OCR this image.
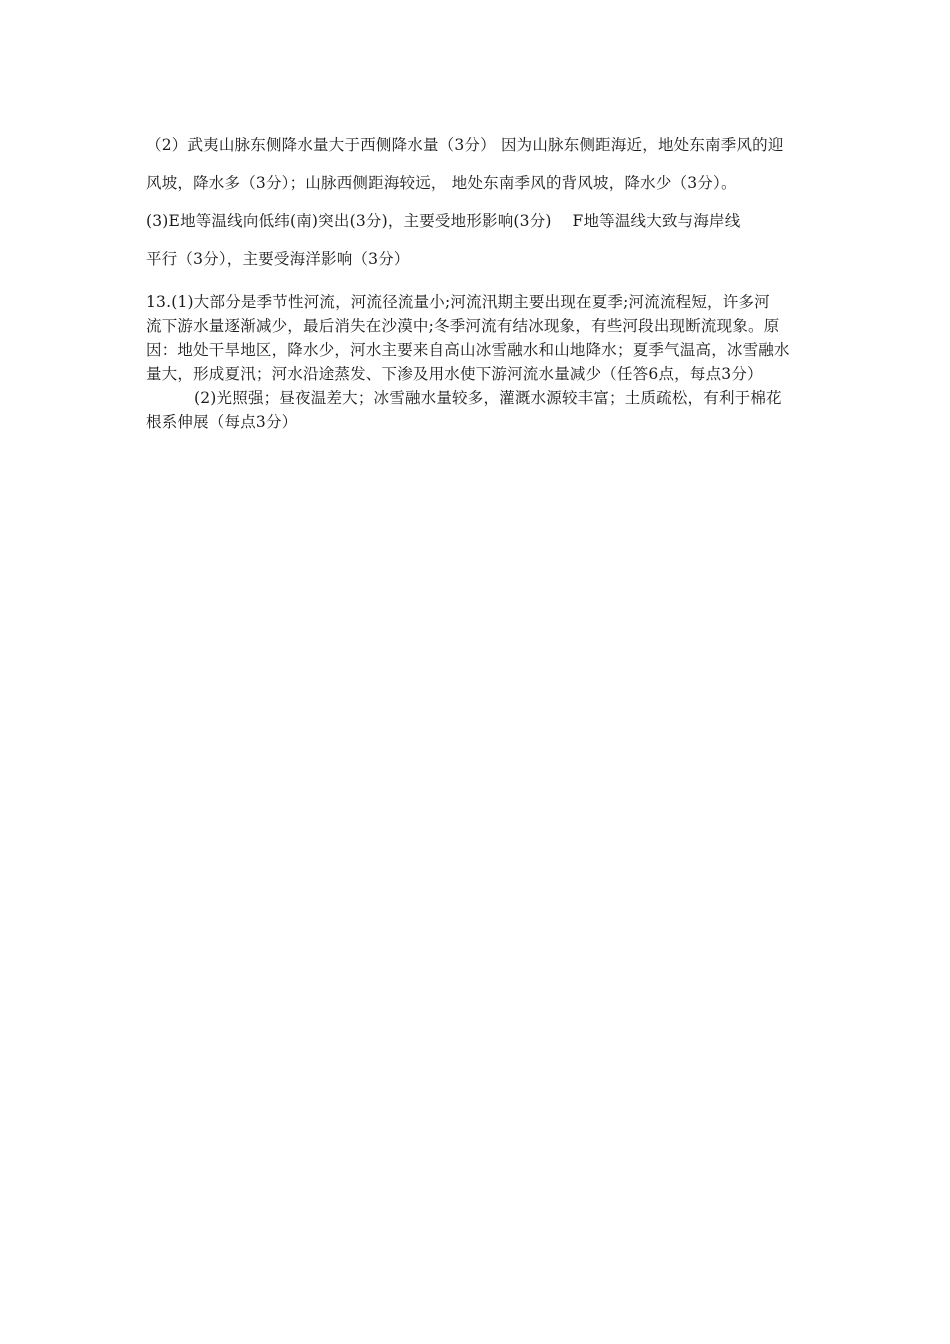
（2）武夷山脉东侧降水量大于西侧降水量（3分） 因为山脉东侧距海近，地处东南季风的迎
风坡，降水多（3分）；山脉西侧距海较远， 地处东南季风的背风坡，降水少（3分）。
(3)E地等温线向低纬(南)突出(3分)，主要受地形影响(3分)　 F地等温线大致与海岸线
平行（3分），主要受海洋影响（3分）
13.(1)大部分是季节性河流，河流径流量小;河流汛期主要出现在夏季;河流流程短，许多河
流下游水量逐渐减少，最后消失在沙漠中;冬季河流有结冰现象，有些河段出现断流现象。原
因：地处干旱地区，降水少，河水主要来自高山冰雪融水和山地降水；夏季气温高，冰雪融水
量大，形成夏汛；河水沿途蒸发、下渗及用水使下游河流水量减少（任答6点，每点3分）
(2)光照强；昼夜温差大；冰雪融水量较多，灌溉水源较丰富；土质疏松，有利于棉花
根系伸展（每点3分）
